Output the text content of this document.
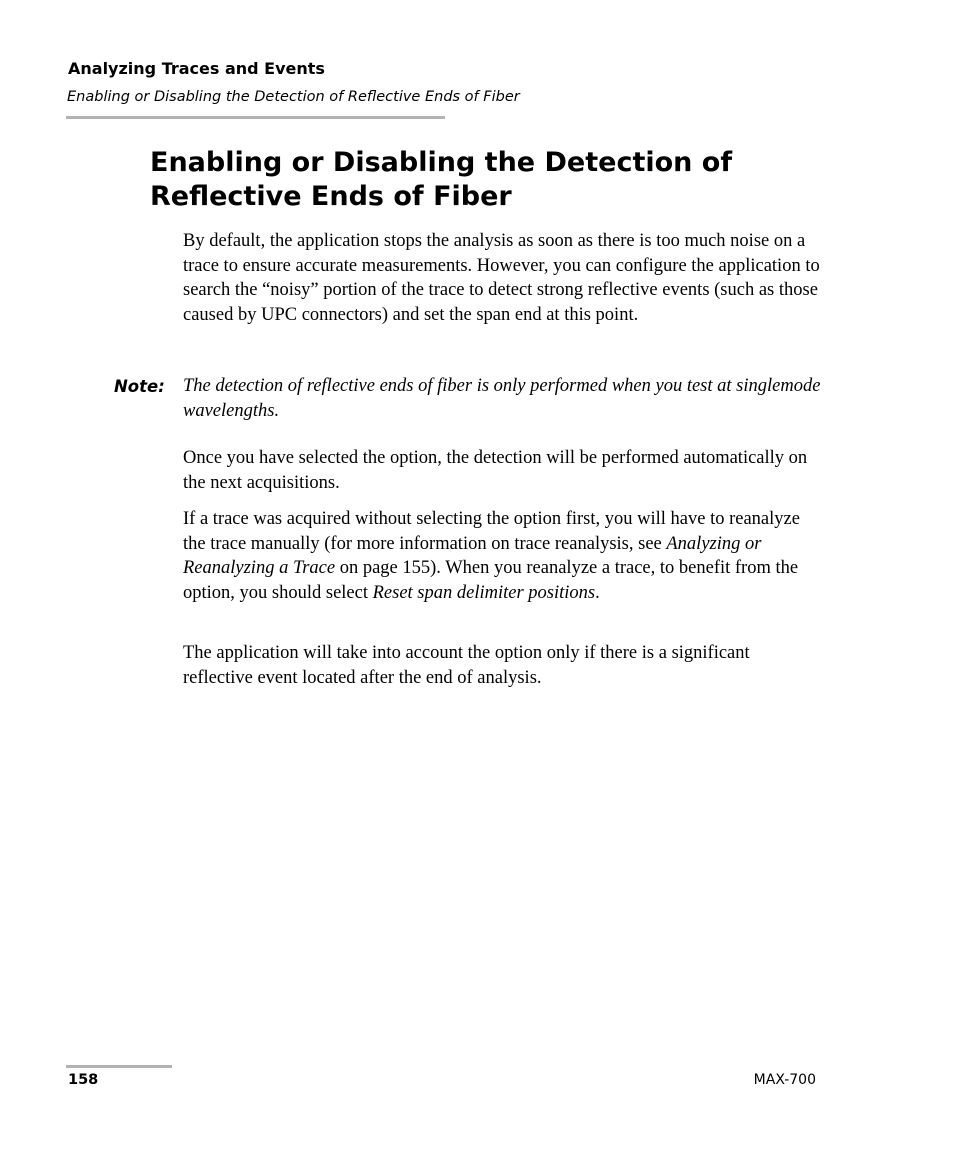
Analyzing Traces and Events
Enabling or Disabling the Detection of Reflective Ends of Fiber
Enabling or Disabling the Detection of
Reflective Ends of Fiber

By default, the application stops the analysis as soon as there is too much noise on a trace to ensure accurate measurements. However, you can configure the application to search the “noisy” portion of the trace to detect strong reflective events (such as those caused by UPC connectors) and set the span end at this point.

Note: The detection of reflective ends of fiber is only performed when you test at singlemode wavelengths.

Once you have selected the option, the detection will be performed automatically on the next acquisitions.

If a trace was acquired without selecting the option first, you will have to reanalyze the trace manually (for more information on trace reanalysis, see Analyzing or Reanalyzing a Trace on page 155). When you reanalyze a trace, to benefit from the option, you should select Reset span delimiter positions.

The application will take into account the option only if there is a significant reflective event located after the end of analysis.

158	MAX-700
